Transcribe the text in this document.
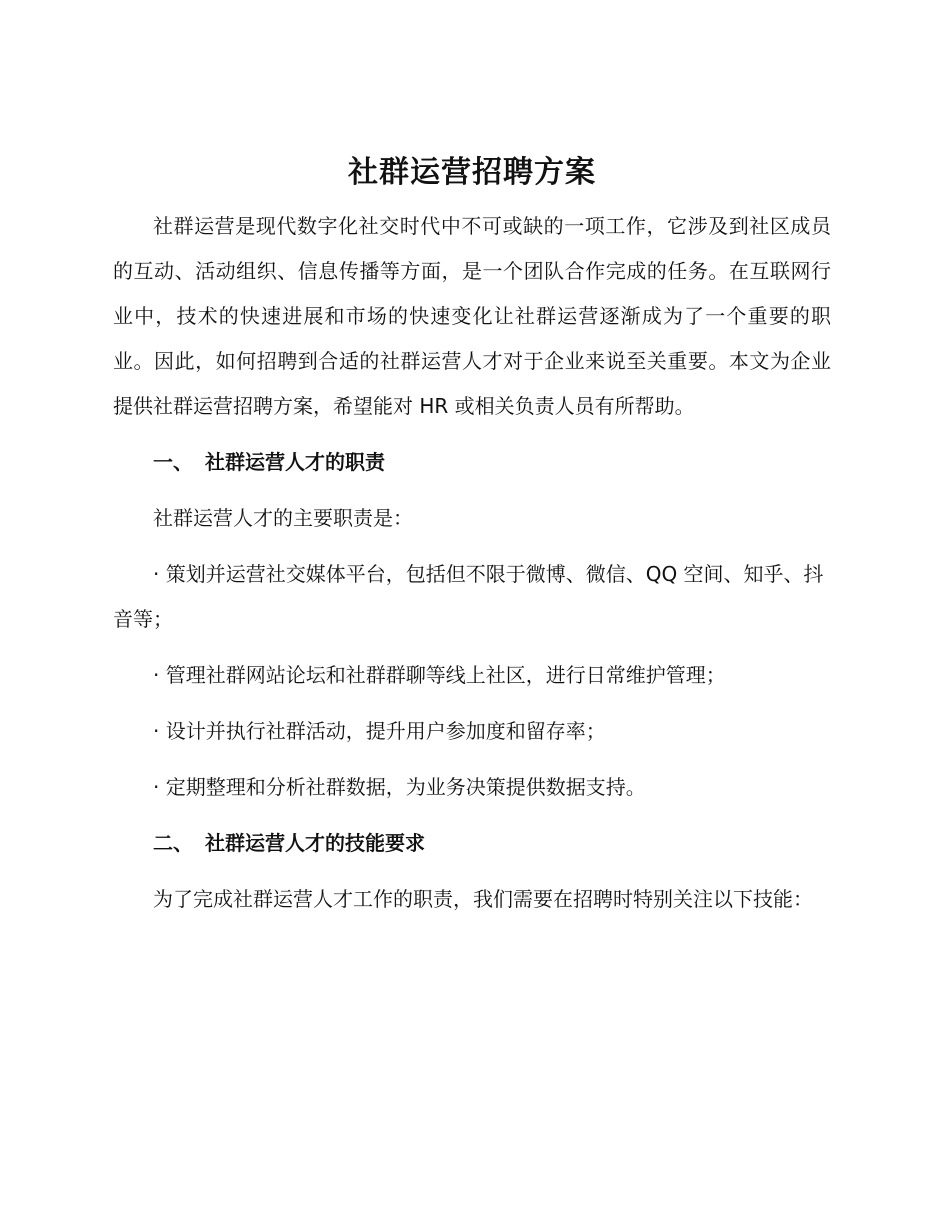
社群运营招聘方案

社群运营是现代数字化社交时代中不可或缺的一项工作，它涉及到社区成员的互动、活动组织、信息传播等方面，是一个团队合作完成的任务。在互联网行业中，技术的快速进展和市场的快速变化让社群运营逐渐成为了一个重要的职业。因此，如何招聘到合适的社群运营人才对于企业来说至关重要。本文为企业提供社群运营招聘方案，希望能对 HR 或相关负责人员有所帮助。

一、 社群运营人才的职责

社群运营人才的主要职责是：

· 策划并运营社交媒体平台，包括但不限于微博、微信、QQ 空间、知乎、抖音等；

· 管理社群网站论坛和社群群聊等线上社区，进行日常维护管理；

· 设计并执行社群活动，提升用户参加度和留存率；

· 定期整理和分析社群数据，为业务决策提供数据支持。

二、 社群运营人才的技能要求

为了完成社群运营人才工作的职责，我们需要在招聘时特别关注以下技能：
